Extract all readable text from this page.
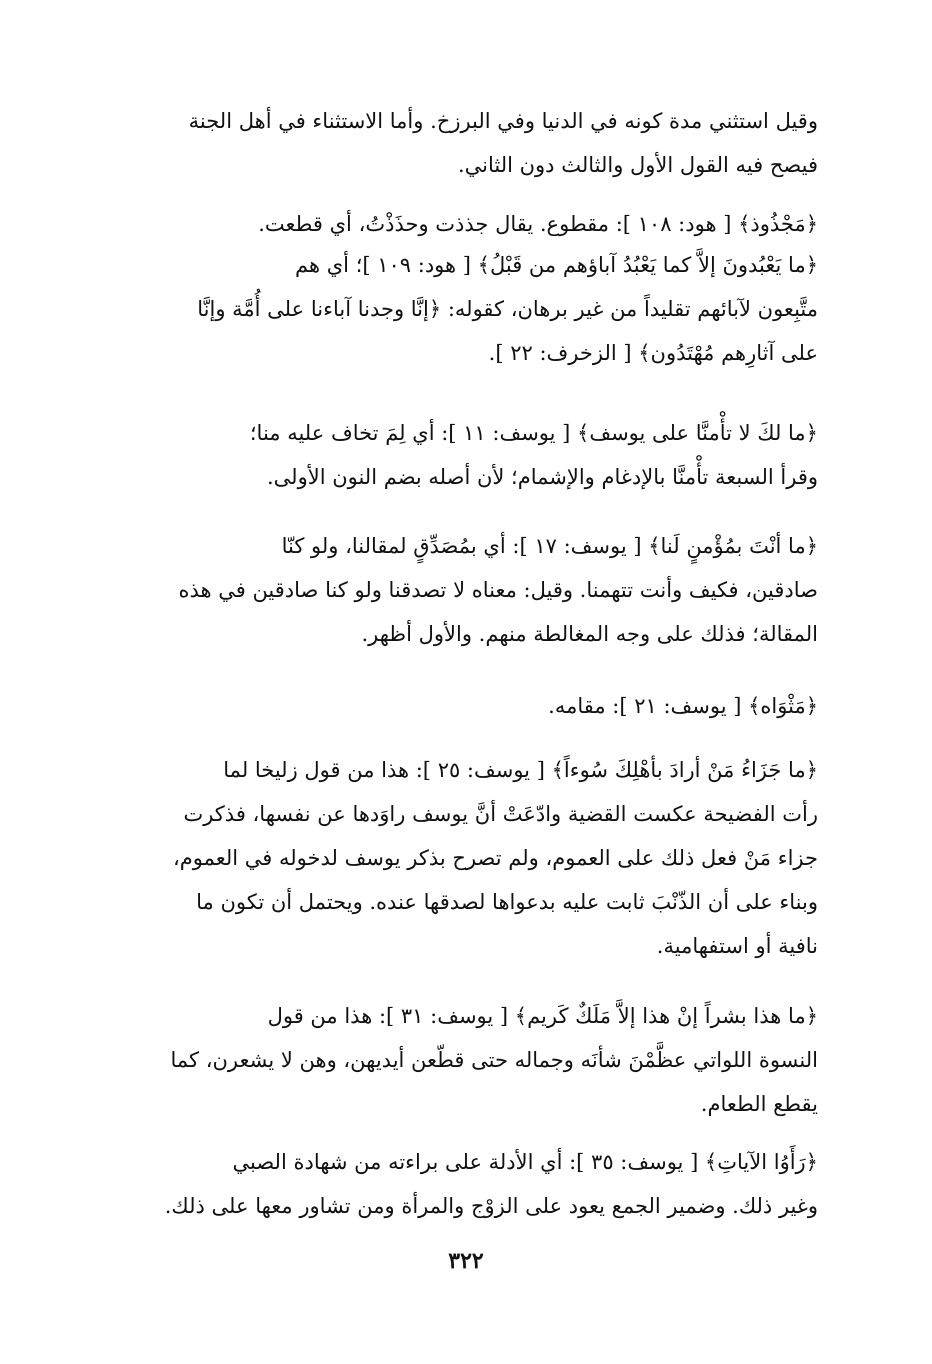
وقيل استثني مدة كونه في الدنيا وفي البرزخ. وأما الاستثناء في أهل الجنة
فيصح فيه القول الأول والثالث دون الثاني.
﴿مَجْذُوذ﴾ [ هود: ١٠٨ ]: مقطوع. يقال جذذت وحذَذْتُ، أي قطعت.
﴿ما يَعْبُدونَ إلاَّ كما يَعْبُدُ آباؤهم من قَبْلُ﴾ [ هود: ١٠٩ ]؛ أي هم
متَّبِعون لآبائهم تقليداً من غير برهان، كقوله: ﴿إنَّا وجدنا آباءنا على أُمَّة وإنَّا
على آثارِهم مُهْتَدُون﴾ [ الزخرف: ٢٢ ].
﴿ما لكَ لا تأْمنَّا على يوسف﴾ [ يوسف: ١١ ]: أي لِمَ تخاف عليه منا؛
وقرأ السبعة تأْمنَّا بالإدغام والإشمام؛ لأن أصله بضم النون الأولى.
﴿ما أنْتَ بمُؤْمنٍ لَنا﴾ [ يوسف: ١٧ ]: أي بمُصَدِّقٍ لمقالنا، ولو كنّا
صادقين، فكيف وأنت تتهمنا. وقيل: معناه لا تصدقنا ولو كنا صادقين في هذه
المقالة؛ فذلك على وجه المغالطة منهم. والأول أظهر.
﴿مَثْوَاه﴾ [ يوسف: ٢١ ]: مقامه.
﴿ما جَزَاءُ مَنْ أرادَ بأهْلِكَ سُوءاً﴾ [ يوسف: ٢٥ ]: هذا من قول زليخا لما
رأت الفضيحة عكست القضية وادّعَتْ أنَّ يوسف راوَدها عن نفسها، فذكرت
جزاء مَنْ فعل ذلك على العموم، ولم تصرح بذكر يوسف لدخوله في العموم،
وبناء على أن الذّنْبَ ثابت عليه بدعواها لصدقها عنده. ويحتمل أن تكون ما
نافية أو استفهامية.
﴿ما هذا بشراً إنْ هذا إلاَّ مَلَكٌ كَريم﴾ [ يوسف: ٣١ ]: هذا من قول
النسوة اللواتي عظَّمْنَ شأنَه وجماله حتى قطّعن أيديهن، وهن لا يشعرن، كما
يقطع الطعام.
﴿رَأَوُا الآياتِ﴾ [ يوسف: ٣٥ ]: أي الأدلة على براءته من شهادة الصبي
وغير ذلك. وضمير الجمع يعود على الزوْج والمرأة ومن تشاور معها على ذلك.
٣٢٢
